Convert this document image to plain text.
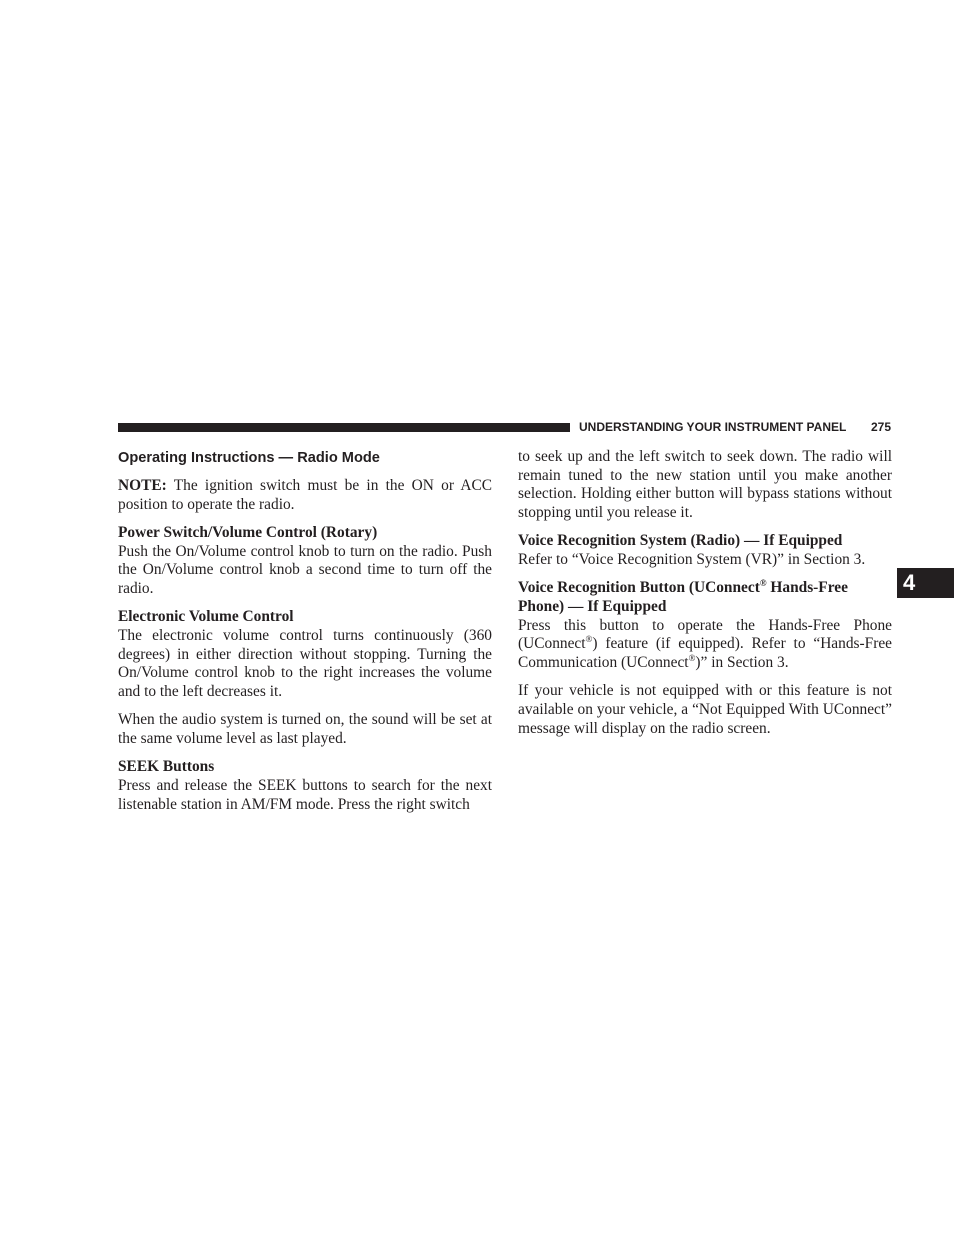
UNDERSTANDING YOUR INSTRUMENT PANEL 275
4
Operating Instructions — Radio Mode

NOTE: The ignition switch must be in the ON or ACC position to operate the radio.

Power Switch/Volume Control (Rotary)
Push the On/Volume control knob to turn on the radio. Push the On/Volume control knob a second time to turn off the radio.

Electronic Volume Control
The electronic volume control turns continuously (360 degrees) in either direction without stopping. Turning the On/Volume control knob to the right increases the volume and to the left decreases it.

When the audio system is turned on, the sound will be set at the same volume level as last played.

SEEK Buttons
Press and release the SEEK buttons to search for the next listenable station in AM/FM mode. Press the right switch

to seek up and the left switch to seek down. The radio will remain tuned to the new station until you make another selection. Holding either button will bypass stations without stopping until you release it.

Voice Recognition System (Radio) — If Equipped
Refer to “Voice Recognition System (VR)” in Section 3.

Voice Recognition Button (UConnect® Hands-Free Phone) — If Equipped
Press this button to operate the Hands-Free Phone (UConnect®) feature (if equipped). Refer to “Hands-Free Communication (UConnect®)” in Section 3.

If your vehicle is not equipped with or this feature is not available on your vehicle, a “Not Equipped With UConnect” message will display on the radio screen.
